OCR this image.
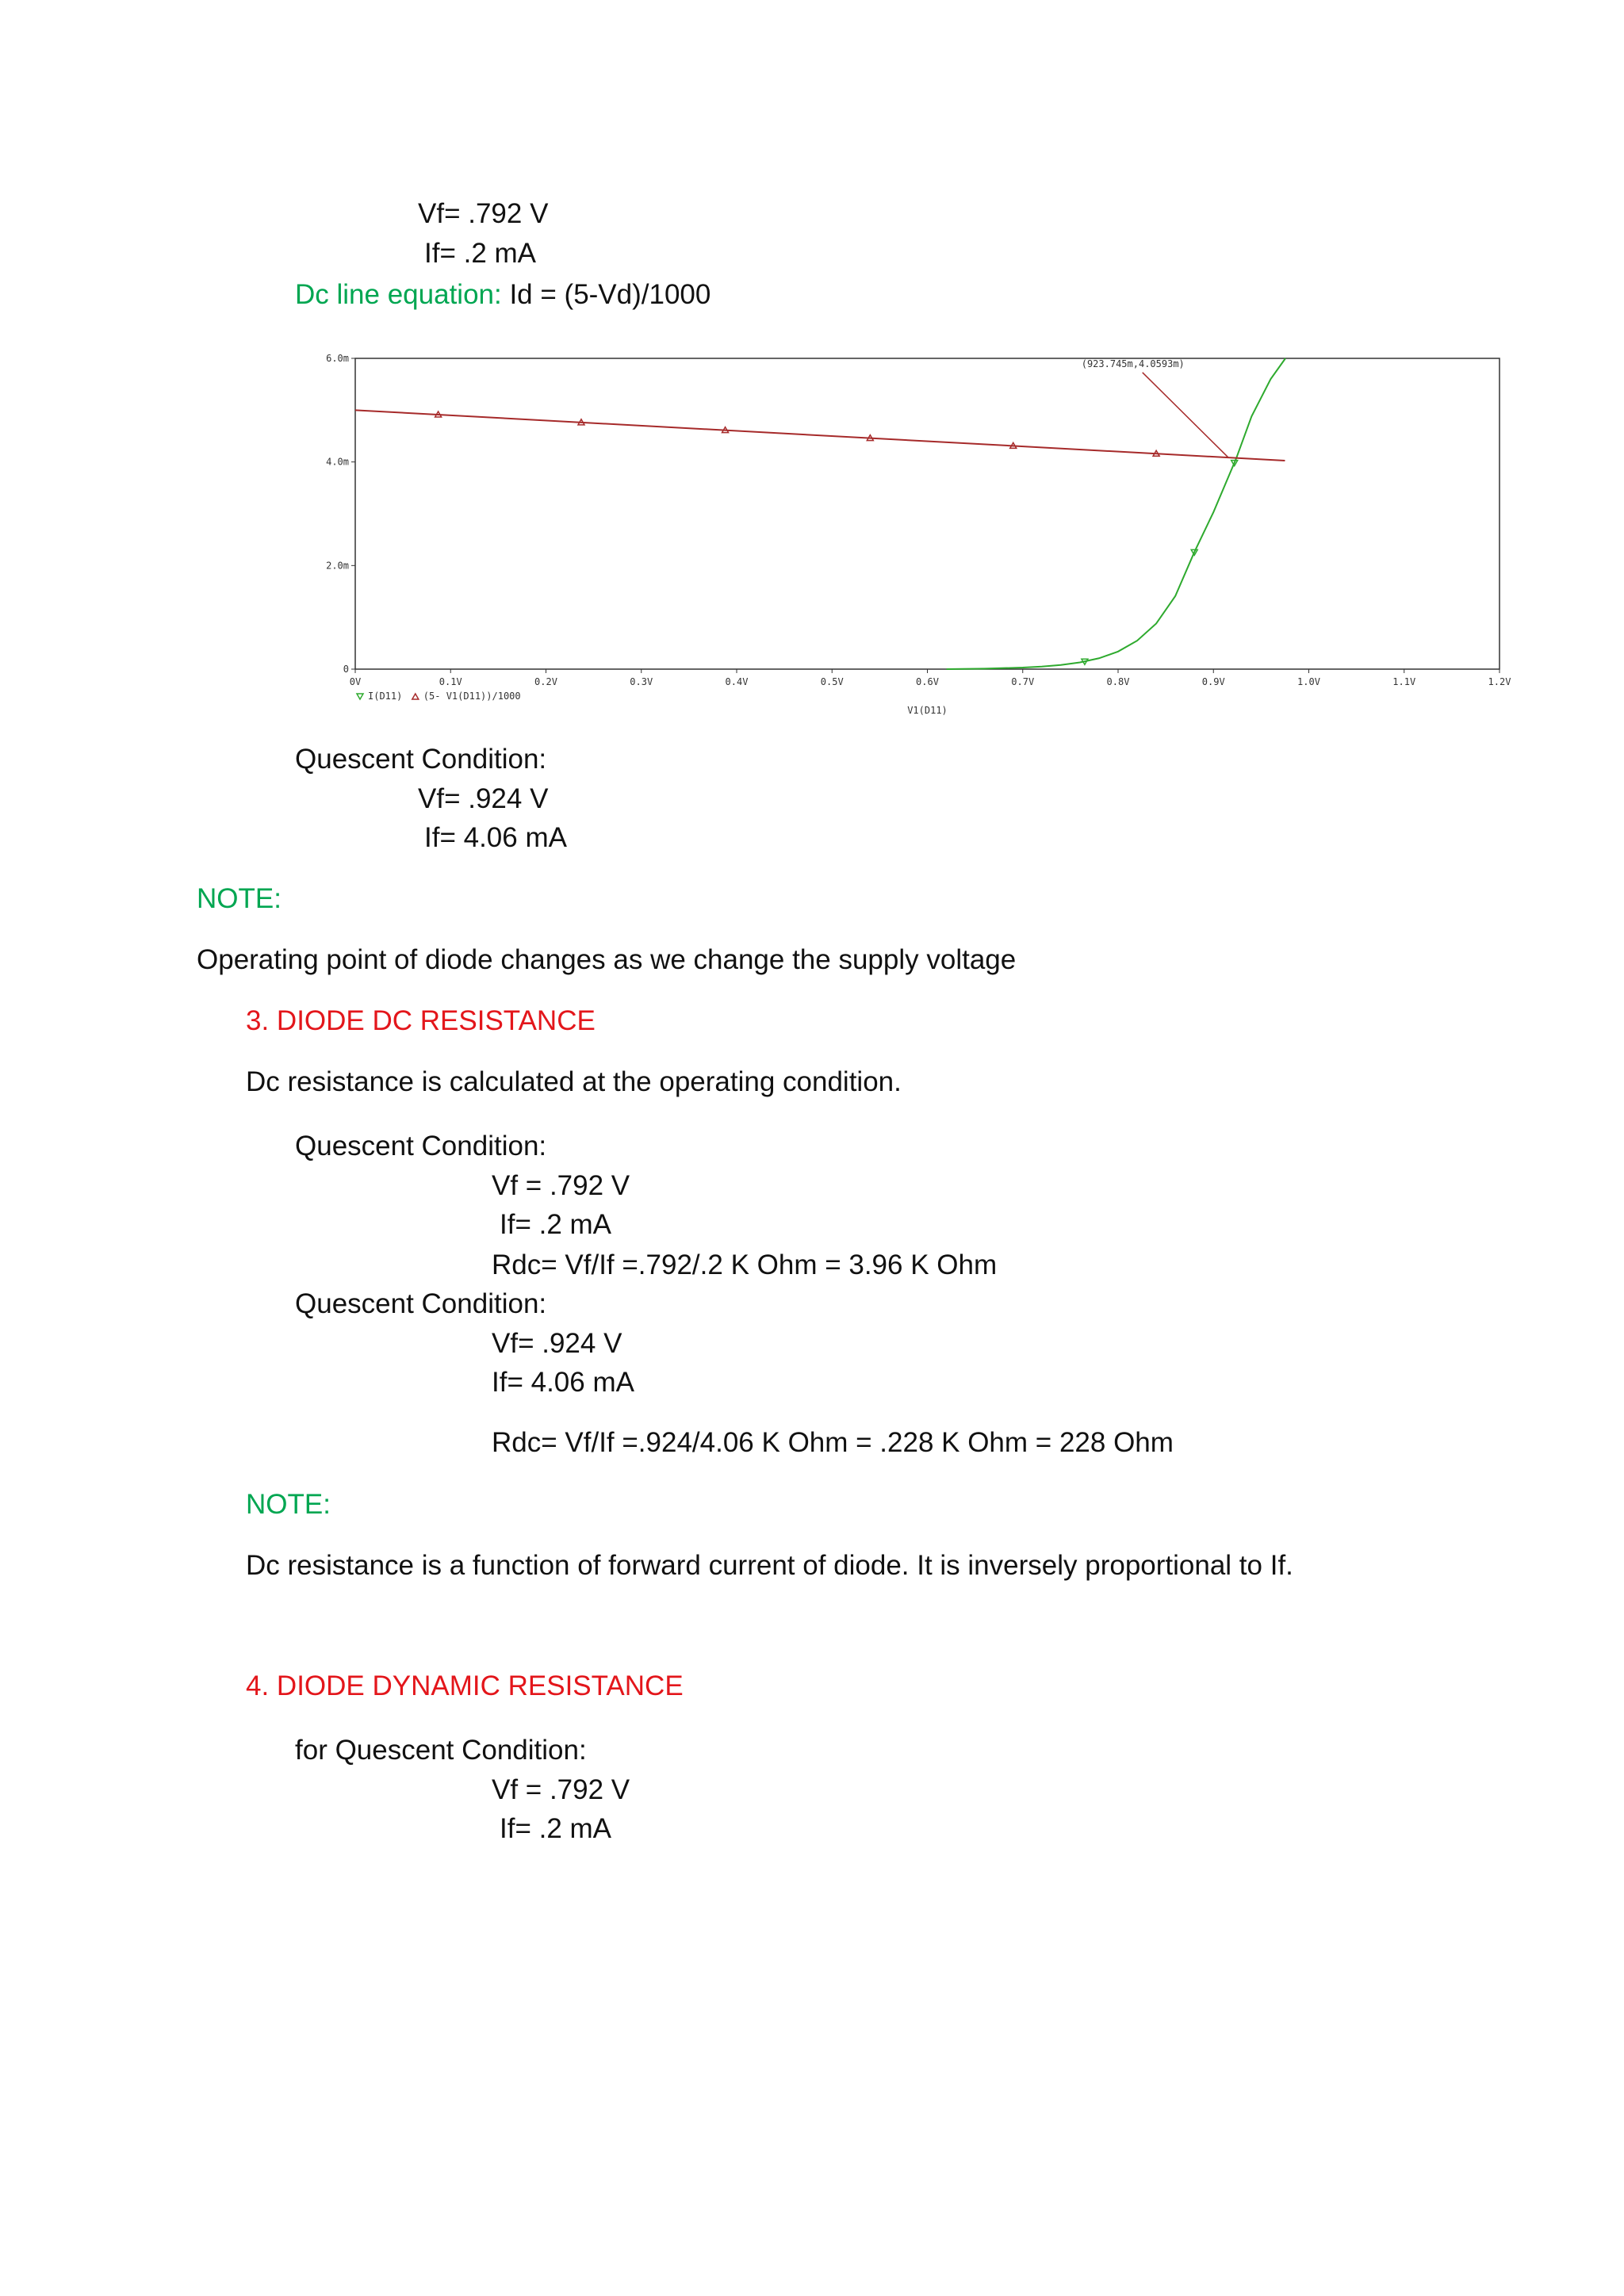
Vf= .792 V
If= .2 mA
Dc line equation: Id = (5-Vd)/1000
0V	0.1V	0.2V	0.3V	0.4V	0.5V	0.6V	0.7V	0.8V	0.9V	1.0V	1.1V	1.2V
0
2.0m
4.0m
6.0m	(923.745m,4.0593m)
I(D11) (5- V1(D11))/1000
V1(D11)
Quescent Condition:
Vf= .924 V
If= 4.06 mA
NOTE:
Operating point of diode changes as we change the supply voltage
3. DIODE DC RESISTANCE
Dc resistance is calculated at the operating condition.
Quescent Condition:
Vf = .792 V
If= .2 mA
Rdc= Vf/If =.792/.2 K Ohm = 3.96 K Ohm
Quescent Condition:
Vf= .924 V
If= 4.06 mA
Rdc= Vf/If =.924/4.06 K Ohm = .228 K Ohm = 228 Ohm
NOTE:
Dc resistance is a function of forward current of diode. It is inversely proportional to If.
4. DIODE DYNAMIC RESISTANCE
for Quescent Condition:
Vf = .792 V
If= .2 mA
